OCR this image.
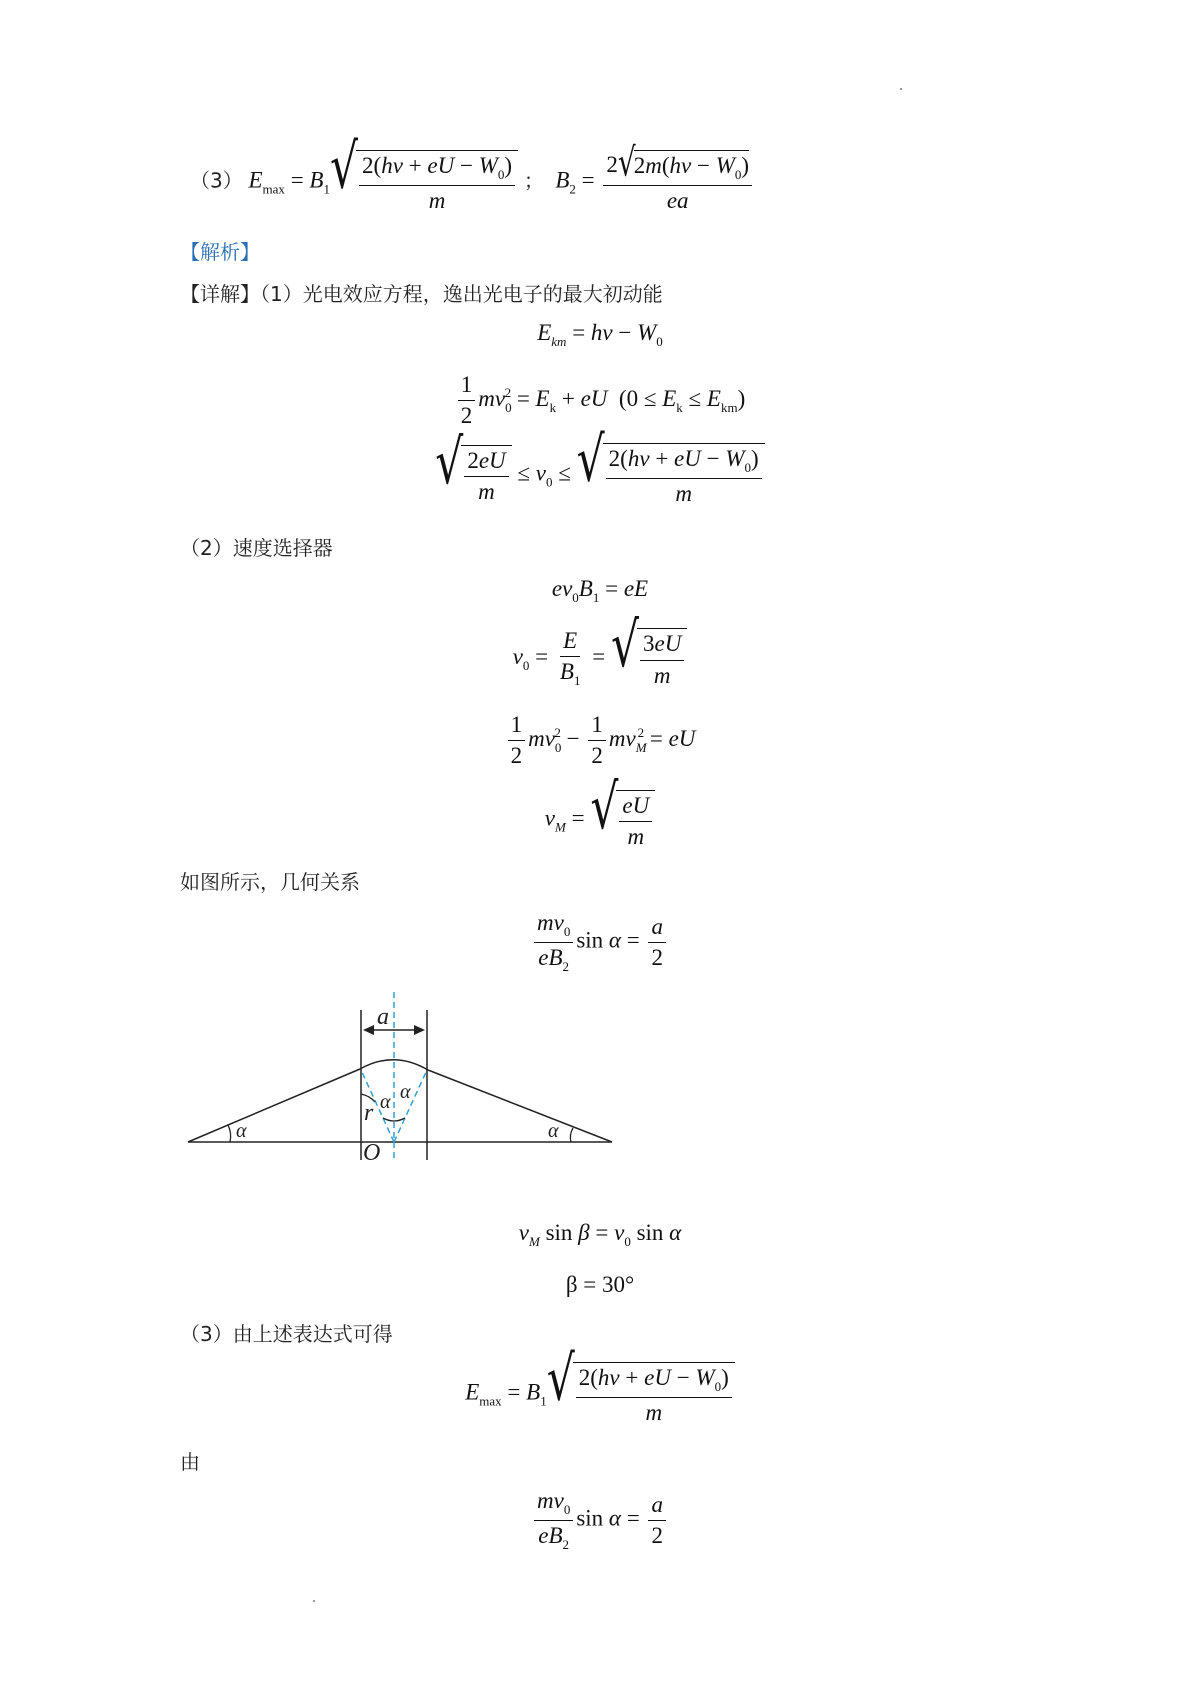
（3） $E_{max} = B_1$ √ $\frac{2(h\nu + eU - W_0)}{m}$ ； $B_2 = 2$ √
$2m(h\nu - W_0)$
ea
【解析】
【详解】（1）光电效应方程，逸出光电子的最大初动能
$E_{km} = h\nu - W_0$
$\frac{1}{2} mv_0^2 = E_k$ + eU  $(0 \le E_k \le E_{km})$
√ $\frac{2eU}{m} \le v_0$ ≤ √ $\frac{2(h\nu + eU - W_0)}{m}$
（2）速度选择器
$ev_0B_1$ = eE
$v_0 = \frac{E}{B_1}$ = √ $\frac{3eU}{m}$
$\frac{1}{2} mv_0^2 - \frac{1}{2} mv_M^2$ = eU
$v_M$ = √ $\frac{eU}{m}$
如图所示，几何关系
$\frac{mv_0}{eB_2}$ $\sin \alpha = \frac{a}{2}$
a
r
O
α	α
α α
$v_M$ $\sin \beta = v_0$ sin α
β = 30°
（3）由上述表达式可得
$E_{max} = B_1$ √ $\frac{2(h\nu + eU - W_0)}{m}$
由
$\frac{mv_0}{eB_2}$ $\sin \alpha = \frac{a}{2}$
